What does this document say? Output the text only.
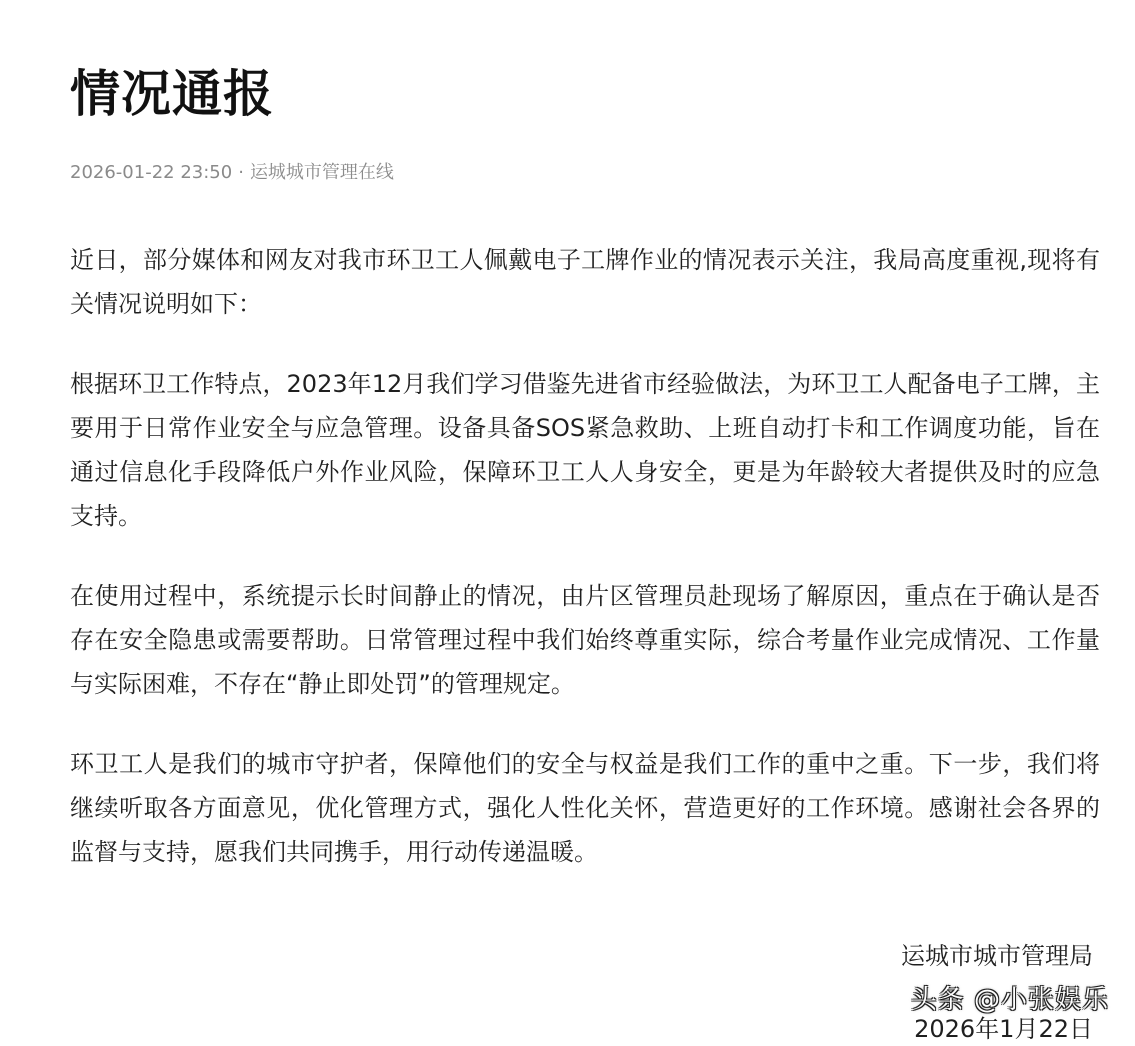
情况通报
2026-01-22 23:50 · 运城城市管理在线

近日，部分媒体和网友对我市环卫工人佩戴电子工牌作业的情况表示关注，我局高度重视,现将有关情况说明如下：

根据环卫工作特点，2023年12月我们学习借鉴先进省市经验做法，为环卫工人配备电子工牌，主要用于日常作业安全与应急管理。设备具备SOS紧急救助、上班自动打卡和工作调度功能，旨在通过信息化手段降低户外作业风险，保障环卫工人人身安全，更是为年龄较大者提供及时的应急支持。

在使用过程中，系统提示长时间静止的情况，由片区管理员赴现场了解原因，重点在于确认是否存在安全隐患或需要帮助。日常管理过程中我们始终尊重实际，综合考量作业完成情况、工作量与实际困难，不存在“静止即处罚”的管理规定。

环卫工人是我们的城市守护者，保障他们的安全与权益是我们工作的重中之重。下一步，我们将继续听取各方面意见，优化管理方式，强化人性化关怀，营造更好的工作环境。感谢社会各界的监督与支持，愿我们共同携手，用行动传递温暖。

运城市城市管理局
2026年1月22日
头条 @小张娱乐
